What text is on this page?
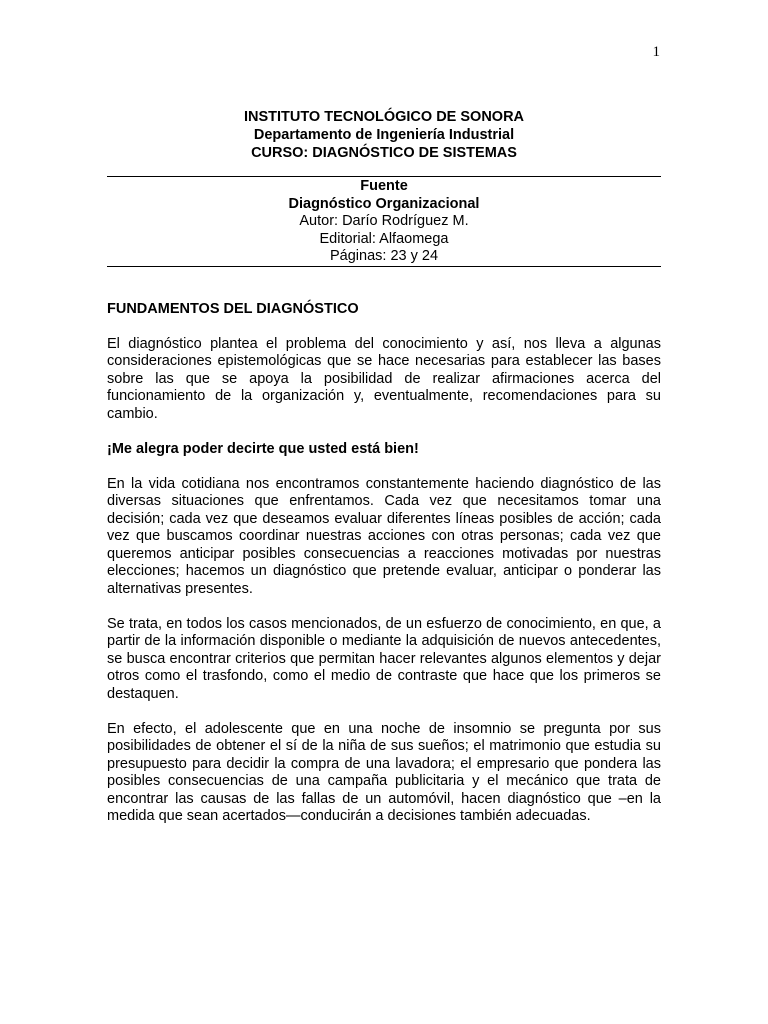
1
INSTITUTO TECNOLÓGICO DE SONORA
Departamento de Ingeniería Industrial
CURSO: DIAGNÓSTICO DE SISTEMAS
Fuente
Diagnóstico Organizacional
Autor: Darío Rodríguez M.
Editorial: Alfaomega
Páginas: 23 y 24
FUNDAMENTOS DEL DIAGNÓSTICO

El diagnóstico plantea el problema del conocimiento y así, nos lleva a algunas consideraciones epistemológicas que se hace necesarias para establecer las bases sobre las que se apoya la posibilidad de realizar afirmaciones acerca del funcionamiento de la organización y, eventualmente, recomendaciones para su cambio.

¡Me alegra poder decirte que usted está bien!

En la vida cotidiana nos encontramos constantemente haciendo diagnóstico de las diversas situaciones que enfrentamos. Cada vez que necesitamos tomar una decisión; cada vez que deseamos evaluar diferentes líneas posibles de acción; cada vez que buscamos coordinar nuestras acciones con otras personas; cada vez que queremos anticipar posibles consecuencias a reacciones motivadas por nuestras elecciones; hacemos un diagnóstico que pretende evaluar, anticipar o ponderar las alternativas presentes.

Se trata, en todos los casos mencionados, de un esfuerzo de conocimiento, en que, a partir de la información disponible o mediante la adquisición de nuevos antecedentes, se busca encontrar criterios que permitan hacer relevantes algunos elementos y dejar otros como el trasfondo, como el medio de contraste que hace que los primeros se destaquen.

En efecto, el adolescente que en una noche de insomnio se pregunta por sus posibilidades de obtener el sí de la niña de sus sueños; el matrimonio que estudia su presupuesto para decidir la compra de una lavadora; el empresario que pondera las posibles consecuencias de una campaña publicitaria y el mecánico que trata de encontrar las causas de las fallas de un automóvil, hacen diagnóstico que –en la medida que sean acertados—conducirán a decisiones también adecuadas.
